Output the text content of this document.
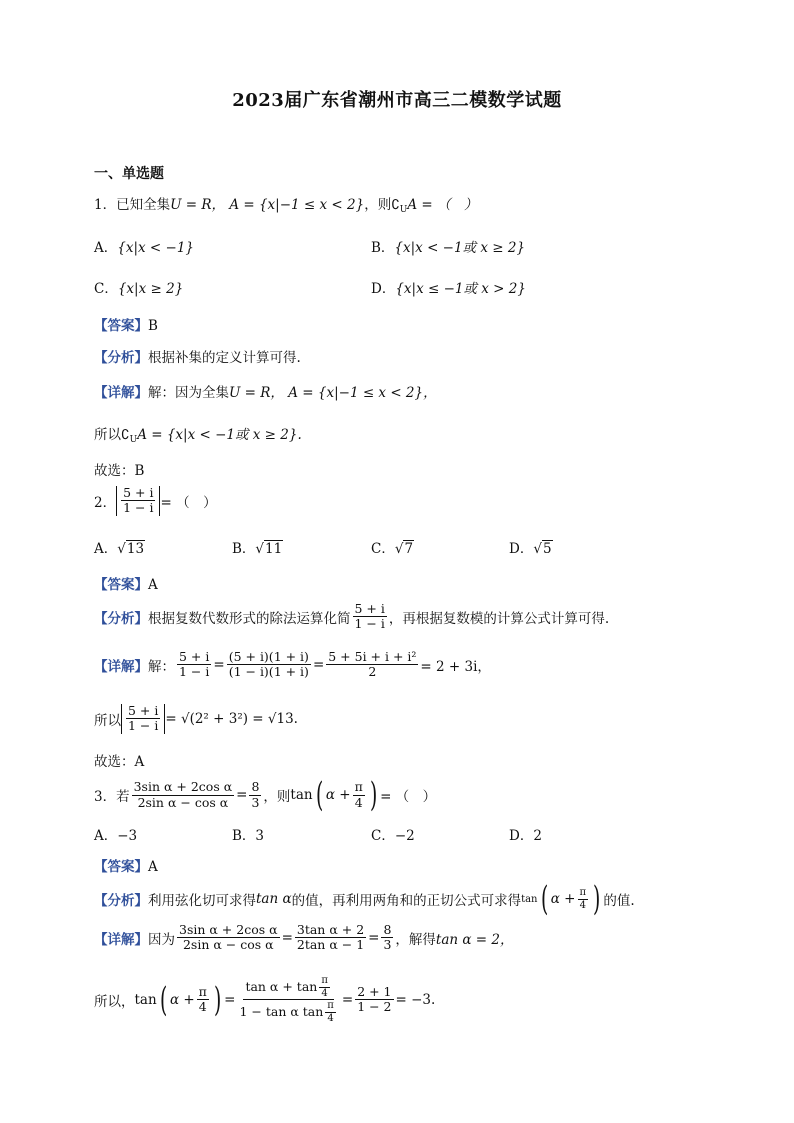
2023届广东省潮州市高三二模数学试题
一、单选题
1．已知全集U = R， A = {x|−1 ≤ x < 2}，则$∁_UA$ = （　）
A．{x|x < −1}	B．{x|x < −1或 x ≥ 2}
C．{x|x ≥ 2}	D．{x|x ≤ −1或 x > 2}
【答案】B
【分析】根据补集的定义计算可得.
【详解】解：因为全集U = R， A = {x|−1 ≤ x < 2}，
所以$∁_UA = \{x|x < -1$或 x ≥ 2}.
故选：B
2． $\frac{5 + i}{1 - i}$ = （　）
A．√13	B．√11	C．√7	D．√5
【答案】A
【分析】 根据复数代数形式的除法运算化简 $\frac{5 + i}{1 - i}$ ，再根据复数模的计算公式计算可得.
【详解】 解： $\frac{5 + i}{1 - i} = \frac{(5 + i)(1 + i)}{(1 - i)(1 + i)} = \frac{\text{5 + 5i + i + i²}}{2} = 2 + 3i$，
所以 $\frac{5 + i}{1 - i} = √(2^2 + 3^2) = √13$.
故选：A
3． 若 $\frac{\text{3sin α + 2cos α}}{\text{2sin α − cos α}} = \frac{8}{3}$ ，则 tan ( $\alpha + \frac{\pi}{4}$ ) = （　）
A．−3	B．3	C．−2	D．2
【答案】A
【分析】 利用弦化切可求得 tan α 的值，再利用两角和的正切公式可求得 tan ( $\alpha + \frac{\pi}{4}$ ) 的值.
【详解】 因为 $\frac{\text{3sin α + 2cos α}}{\text{2sin α − cos α}} = \frac{\text{3tan α + 2}}{\text{2tan α − 1}} = \frac{8}{3}$ ，解得 tan α = 2，
所以， tan ( $\alpha + \frac{\pi}{4}$ ) = $\frac{\tan \alpha + \tan \frac{\pi}{4}}{1 - \tan \alpha \tan \frac{\pi}{4}} = \frac{2 + 1}{1 - 2} = -3$.
